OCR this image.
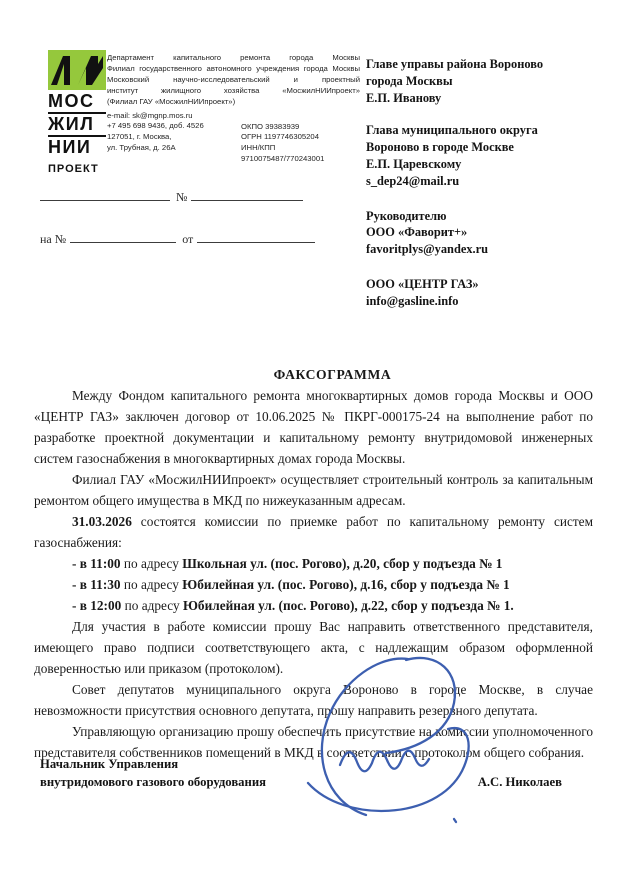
МОС
ЖИЛ
НИИ
ПРОЕКТ
Департамент капитального ремонта города Москвы
Филиал государственного автономного учреждения города Москвы
Московский научно-исследовательский и проектный
институт жилищного хозяйства «МосжилНИИпроект»
(Филиал ГАУ «МосжилНИИпроект»)
e-mail: sk@mgnp.mos.ru
+7 495 698 9436, доб. 4526
127051, г. Москва,
ул. Трубная, д. 26А
ОКПО 39383939
ОГРН 1197746305204
ИНН/КПП 9710075487/770243001
Главе управы района Вороново
города Москвы
Е.П. Иванову
Глава муниципального округа
Вороново в городе Москве
Е.П. Царевскому
s_dep24@mail.ru
Руководителю
ООО «Фаворит+»
favoritplys@yandex.ru
ООО «ЦЕНТР ГАЗ»
info@gasline.info
№
на №	от

ФАКСОГРАММА

Между Фондом капитального ремонта многоквартирных домов города Москвы и ООО «ЦЕНТР ГАЗ» заключен договор от 10.06.2025 № ПКРГ-000175-24 на выполнение работ по разработке проектной документации и капитальному ремонту внутридомовой инженерных систем газоснабжения в многоквартирных домах города Москвы.

Филиал ГАУ «МосжилНИИпроект» осуществляет строительный контроль за капитальным ремонтом общего имущества в МКД по нижеуказанным адресам.

31.03.2026 состоятся комиссии по приемке работ по капитальному ремонту систем газоснабжения:

- в 11:00 по адресу Школьная ул. (пос. Рогово), д.20, сбор у подъезда № 1
- в 11:30 по адресу Юбилейная ул. (пос. Рогово), д.16, сбор у подъезда № 1
- в 12:00 по адресу Юбилейная ул. (пос. Рогово), д.22, сбор у подъезда № 1.

Для участия в работе комиссии прошу Вас направить ответственного представителя, имеющего право подписи соответствующего акта, с надлежащим образом оформленной доверенностью или приказом (протоколом).

Совет депутатов муниципального округа Вороново в городе Москве, в случае невозможности присутствия основного депутата, прошу направить резервного депутата.

Управляющую организацию прошу обеспечить присутствие на комиссии уполномоченного представителя собственников помещений в МКД в соответствии с протоколом общего собрания.

Начальник Управления
внутридомового газового оборудования	А.С. Николаев
